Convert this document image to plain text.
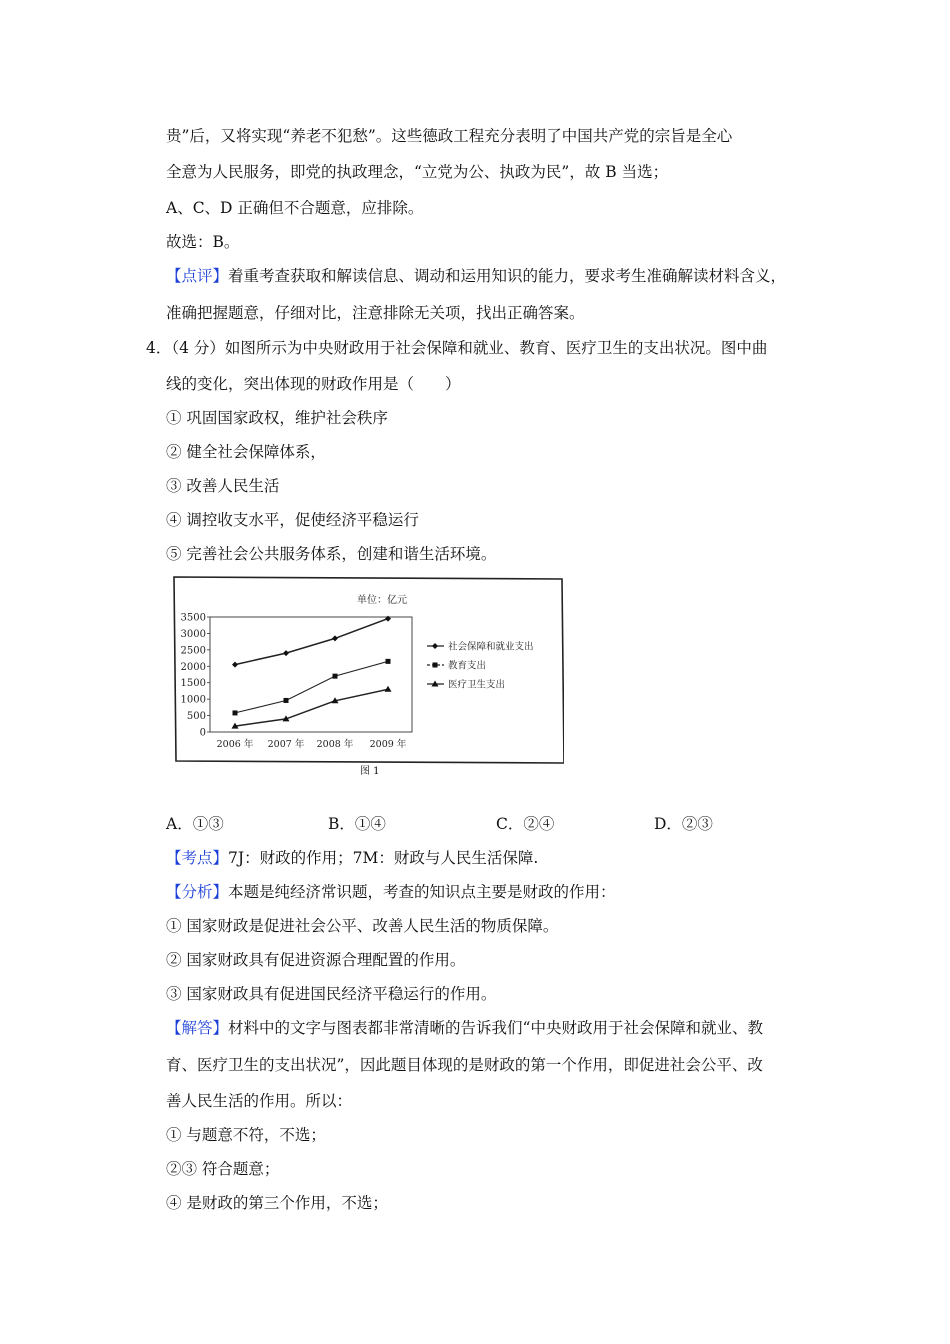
贵”后，又将实现“养老不犯愁”。这些德政工程充分表明了中国共产党的宗旨是全心
全意为人民服务，即党的执政理念，“立党为公、执政为民”，故 B 当选；
A、C、D 正确但不合题意，应排除。
故选：B。
【点评】着重考查获取和解读信息、调动和运用知识的能力，要求考生准确解读材料含义，
准确把握题意，仔细对比，注意排除无关项，找出正确答案。
4．（4 分）如图所示为中央财政用于社会保障和就业、教育、医疗卫生的支出状况。图中曲
线的变化，突出体现的财政作用是（　　）
① 巩固国家政权，维护社会秩序
② 健全社会保障体系，
③ 改善人民生活
④ 调控收支水平，促使经济平稳运行
⑤ 完善社会公共服务体系，创建和谐生活环境。
单位：亿元
3500
3000
2500
2000
1500
1000
500
0
2006 年 2007 年 2008 年 2009 年
社会保障和就业支出
教育支出
医疗卫生支出
图 1
A．①③	B．①④	C．②④	D．②③
【考点】7J：财政的作用；7M：财政与人民生活保障.
【分析】本题是纯经济常识题，考查的知识点主要是财政的作用：
① 国家财政是促进社会公平、改善人民生活的物质保障。
② 国家财政具有促进资源合理配置的作用。
③ 国家财政具有促进国民经济平稳运行的作用。
【解答】材料中的文字与图表都非常清晰的告诉我们“中央财政用于社会保障和就业、教
育、医疗卫生的支出状况”，因此题目体现的是财政的第一个作用，即促进社会公平、改
善人民生活的作用。所以：
① 与题意不符，不选；
②③ 符合题意；
④ 是财政的第三个作用，不选；
